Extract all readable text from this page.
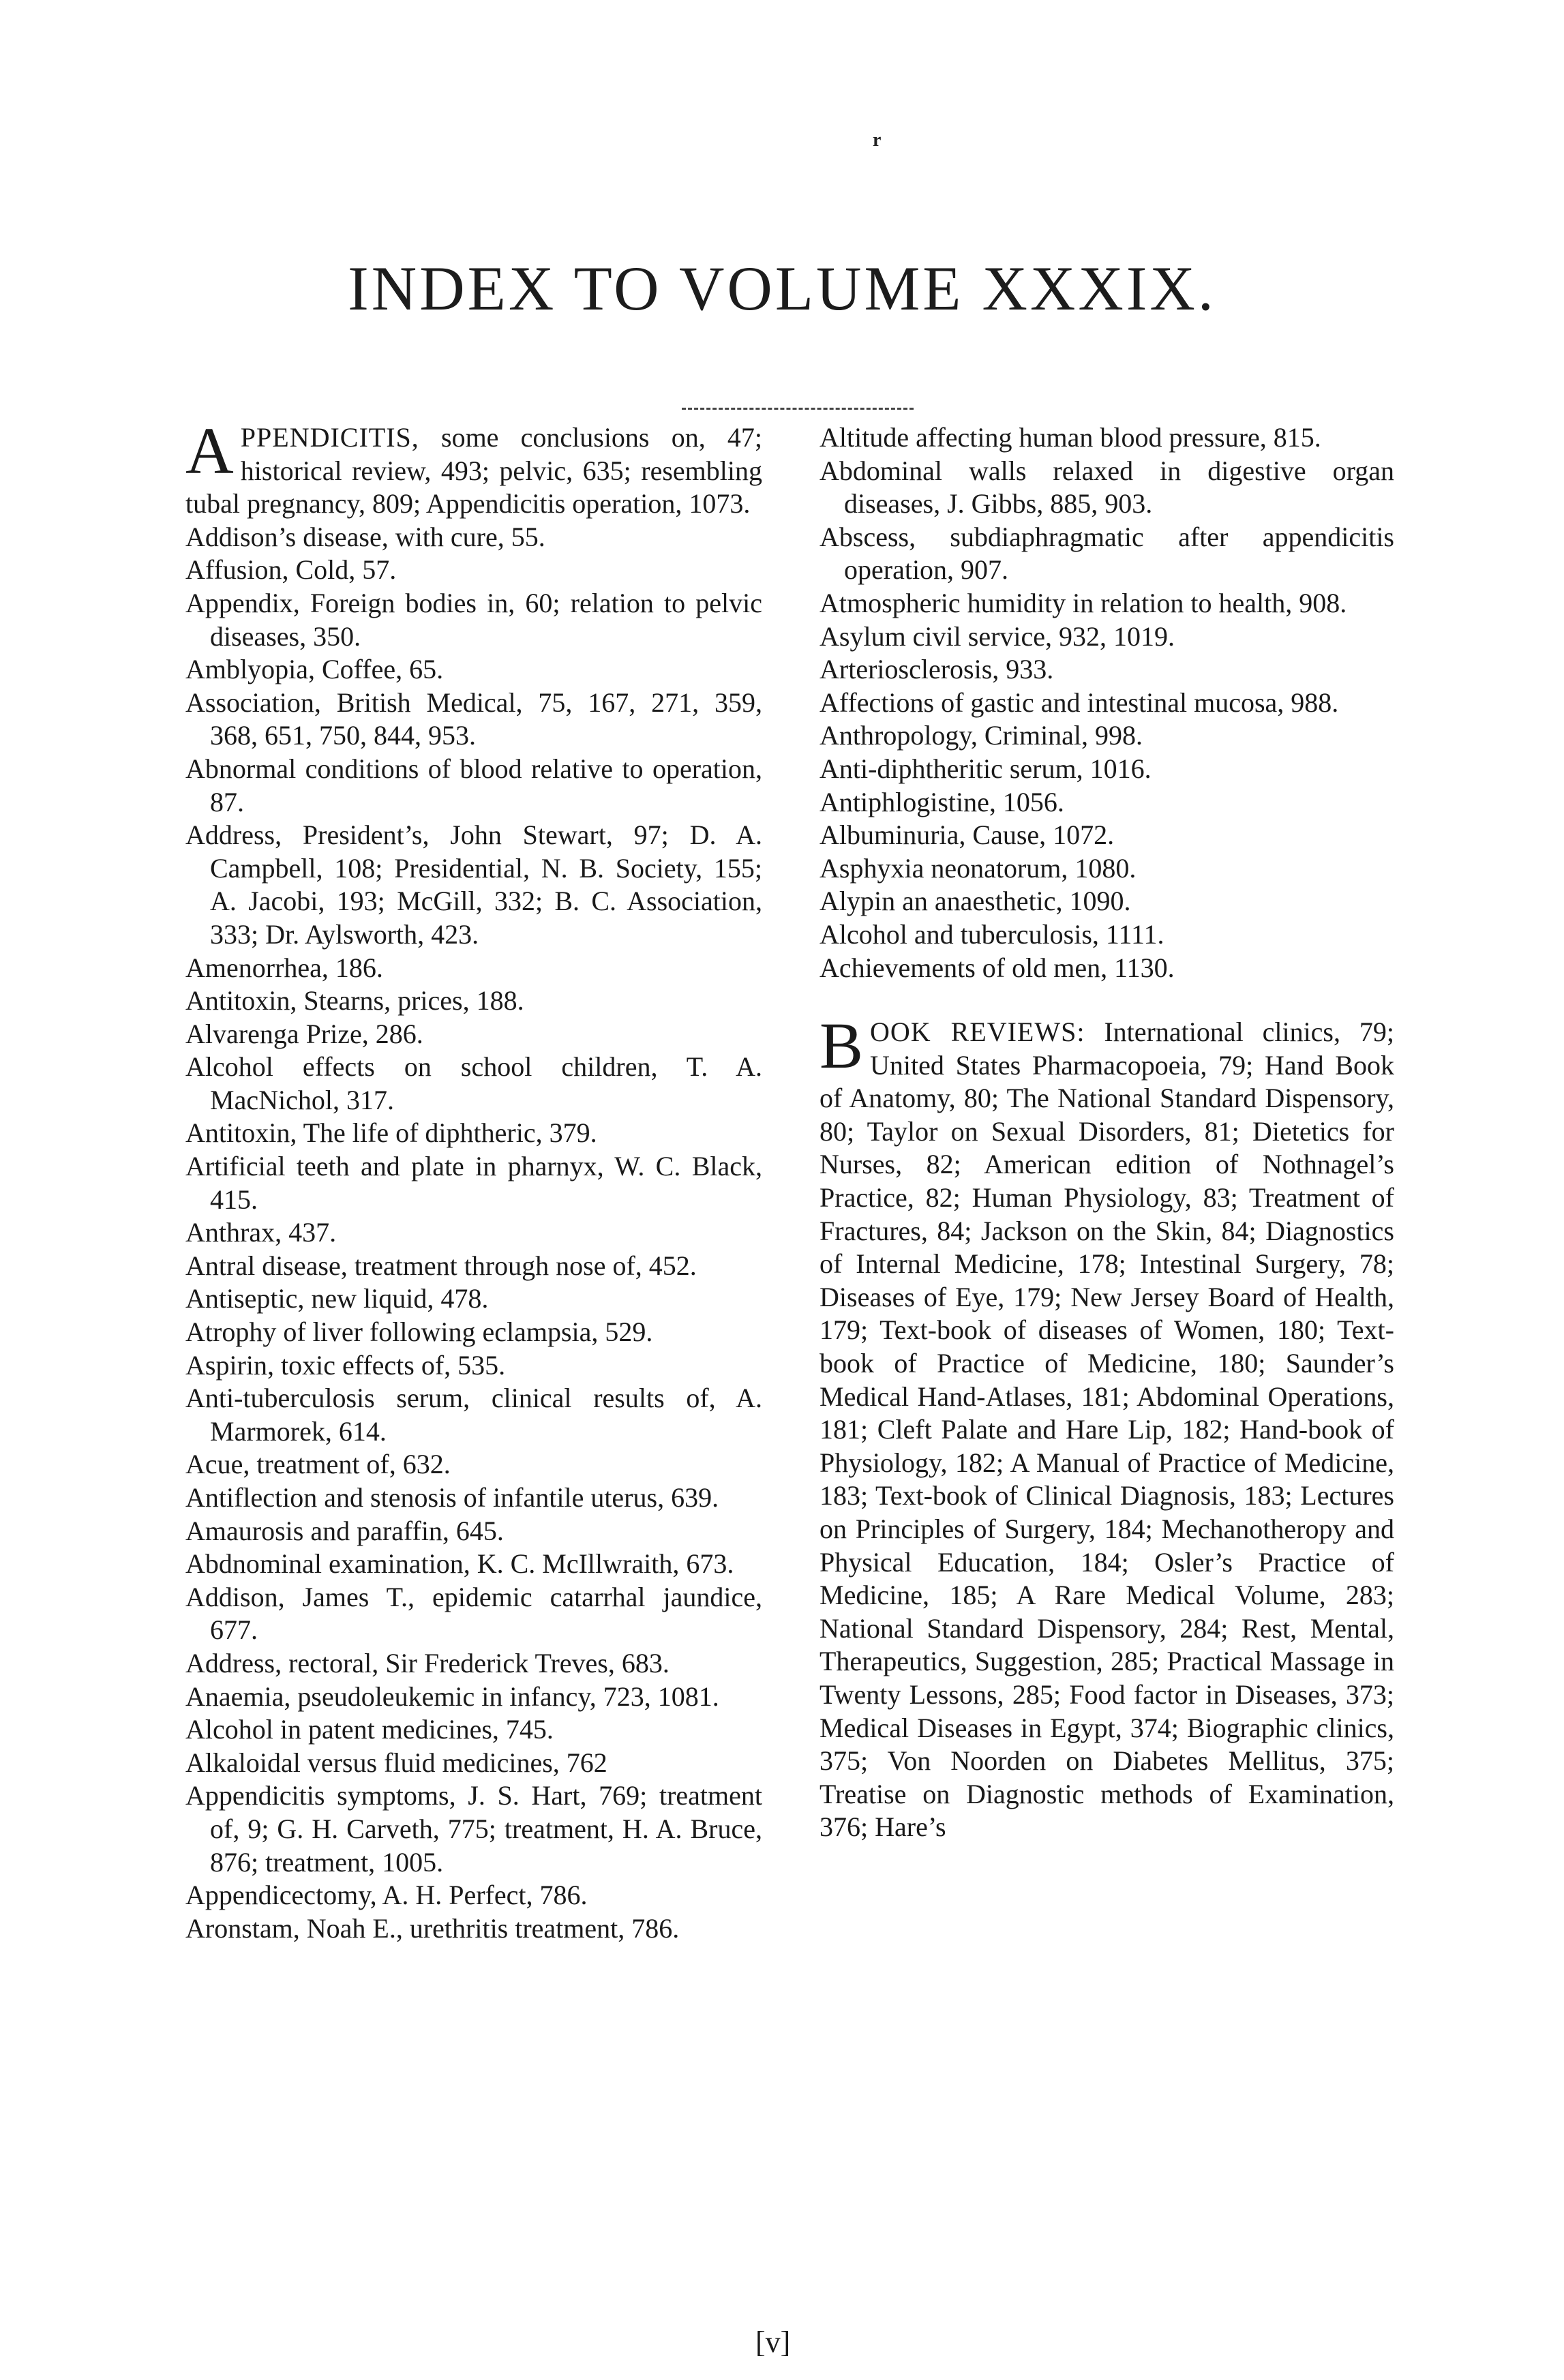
r
INDEX TO VOLUME XXXIX.

APPENDICITIS, some conclusions on, 47; historical review, 493; pelvic, 635; resembling tubal pregnancy, 809; Appendicitis operation, 1073.

Addison’s disease, with cure, 55.

Affusion, Cold, 57.

Appendix, Foreign bodies in, 60; relation to pelvic diseases, 350.

Amblyopia, Coffee, 65.

Association, British Medical, 75, 167, 271, 359, 368, 651, 750, 844, 953.

Abnormal conditions of blood relative to operation, 87.

Address, President’s, John Stewart, 97; D. A. Campbell, 108; Presidential, N. B. Society, 155; A. Jacobi, 193; McGill, 332; B. C. Association, 333; Dr. Aylsworth, 423.

Amenorrhea, 186.

Antitoxin, Stearns, prices, 188.

Alvarenga Prize, 286.

Alcohol effects on school children, T. A. MacNichol, 317.

Antitoxin, The life of diphtheric, 379.

Artificial teeth and plate in pharnyx, W. C. Black, 415.

Anthrax, 437.

Antral disease, treatment through nose of, 452.

Antiseptic, new liquid, 478.

Atrophy of liver following eclampsia, 529.

Aspirin, toxic effects of, 535.

Anti-tuberculosis serum, clinical results of, A. Marmorek, 614.

Acue, treatment of, 632.

Antiflection and stenosis of infantile uterus, 639.

Amaurosis and paraffin, 645.

Abdnominal examination, K. C. McIllwraith, 673.

Addison, James T., epidemic catarrhal jaundice, 677.

Address, rectoral, Sir Frederick Treves, 683.

Anaemia, pseudoleukemic in infancy, 723, 1081.

Alcohol in patent medicines, 745.

Alkaloidal versus fluid medicines, 762

Appendicitis symptoms, J. S. Hart, 769; treatment of, 9; G. H. Carveth, 775; treatment, H. A. Bruce, 876; treatment, 1005.

Appendicectomy, A. H. Perfect, 786.

Aronstam, Noah E., urethritis treatment, 786.

Altitude affecting human blood pressure, 815.

Abdominal walls relaxed in digestive organ diseases, J. Gibbs, 885, 903.

Abscess, subdiaphragmatic after appendicitis operation, 907.

Atmospheric humidity in relation to health, 908.

Asylum civil service, 932, 1019.

Arteriosclerosis, 933.

Affections of gastic and intestinal mucosa, 988.

Anthropology, Criminal, 998.

Anti-diphtheritic serum, 1016.

Antiphlogistine, 1056.

Albuminuria, Cause, 1072.

Asphyxia neonatorum, 1080.

Alypin an anaesthetic, 1090.

Alcohol and tuberculosis, 1111.

Achievements of old men, 1130.

BOOK REVIEWS: International clinics, 79; United States Pharmacopoeia, 79; Hand Book of Anatomy, 80; The National Standard Dispensory, 80; Taylor on Sexual Disorders, 81; Dietetics for Nurses, 82; American edition of Nothnagel’s Practice, 82; Human Physiology, 83; Treatment of Fractures, 84; Jackson on the Skin, 84; Diagnostics of Internal Medicine, 178; Intestinal Surgery, 78; Diseases of Eye, 179; New Jersey Board of Health, 179; Text-book of diseases of Women, 180; Text-book of Practice of Medicine, 180; Saunder’s Medical Hand-Atlases, 181; Abdominal Operations, 181; Cleft Palate and Hare Lip, 182; Hand-book of Physiology, 182; A Manual of Practice of Medicine, 183; Text-book of Clinical Diagnosis, 183; Lectures on Principles of Surgery, 184; Mechanotheropy and Physical Education, 184; Osler’s Practice of Medicine, 185; A Rare Medical Volume, 283; National Standard Dispensory, 284; Rest, Mental, Therapeutics, Suggestion, 285; Practical Massage in Twenty Lessons, 285; Food factor in Diseases, 373; Medical Diseases in Egypt, 374; Biographic clinics, 375; Von Noorden on Diabetes Mellitus, 375; Treatise on Diagnostic methods of Examination, 376; Hare’s

[v]
